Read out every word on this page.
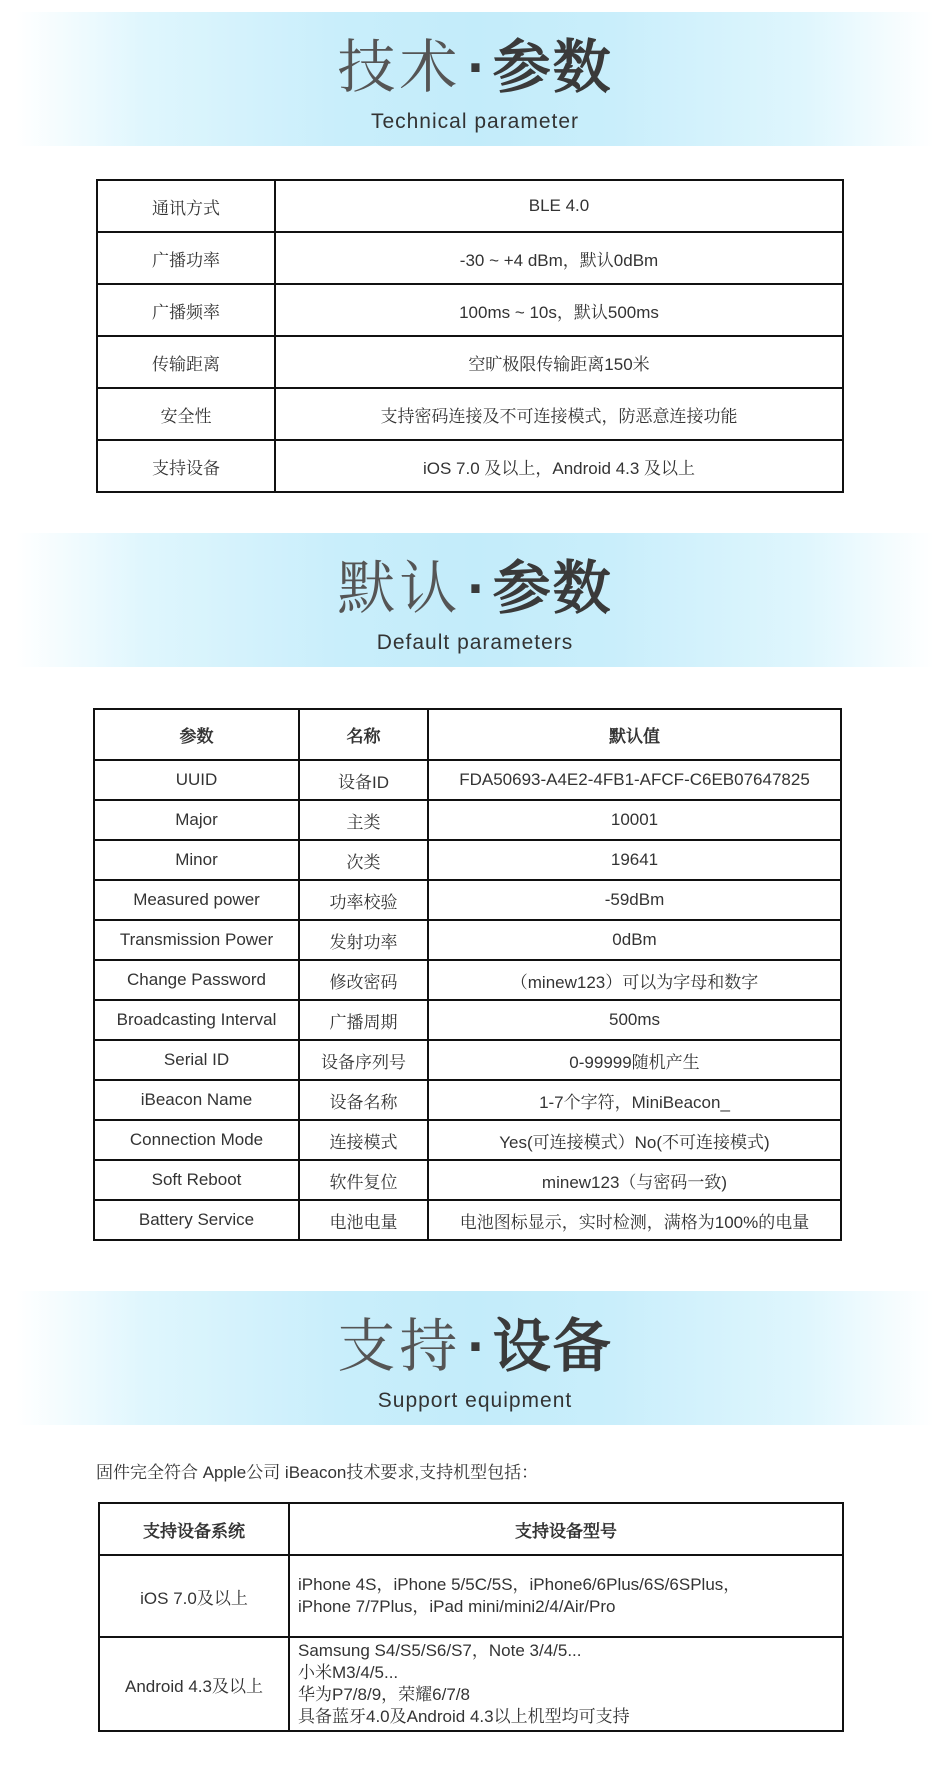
技术 · 参数
Technical parameter
通讯方式	BLE 4.0
广播功率	-30 ~ +4 dBm，默认0dBm
广播频率	100ms ~ 10s，默认500ms
传输距离	空旷极限传输距离150米
安全性	支持密码连接及不可连接模式，防恶意连接功能
支持设备	iOS 7.0 及以上，Android 4.3 及以上
默认 · 参数
Default parameters
参数	名称	默认值
UUID	设备ID	FDA50693-A4E2-4FB1-AFCF-C6EB07647825
Major	主类	10001
Minor	次类	19641
Measured power	功率校验	-59dBm
Transmission Power	发射功率	0dBm
Change Password	修改密码	（minew123）可以为字母和数字
Broadcasting Interval	广播周期	500ms
Serial ID	设备序列号	0-99999随机产生
iBeacon Name	设备名称	1-7个字符，MiniBeacon_
Connection Mode	连接模式	Yes(可连接模式）No(不可连接模式)
Soft Reboot	软件复位	minew123（与密码一致)
Battery Service	电池电量	电池图标显示，实时检测，满格为100%的电量
支持 · 设备
Support equipment
固件完全符合 Apple公司 iBeacon技术要求,支持机型包括：
支持设备系统	支持设备型号
iOS 7.0及以上	iPhone 4S，iPhone 5/5C/5S，iPhone6/6Plus/6S/6SPlus，
iPhone 7/7Plus，iPad mini/mini2/4/Air/Pro

Android 4.3及以上	Samsung S4/S5/S6/S7，Note 3/4/5...
小米M3/4/5...
华为P7/8/9，荣耀6/7/8
具备蓝牙4.0及Android 4.3以上机型均可支持
